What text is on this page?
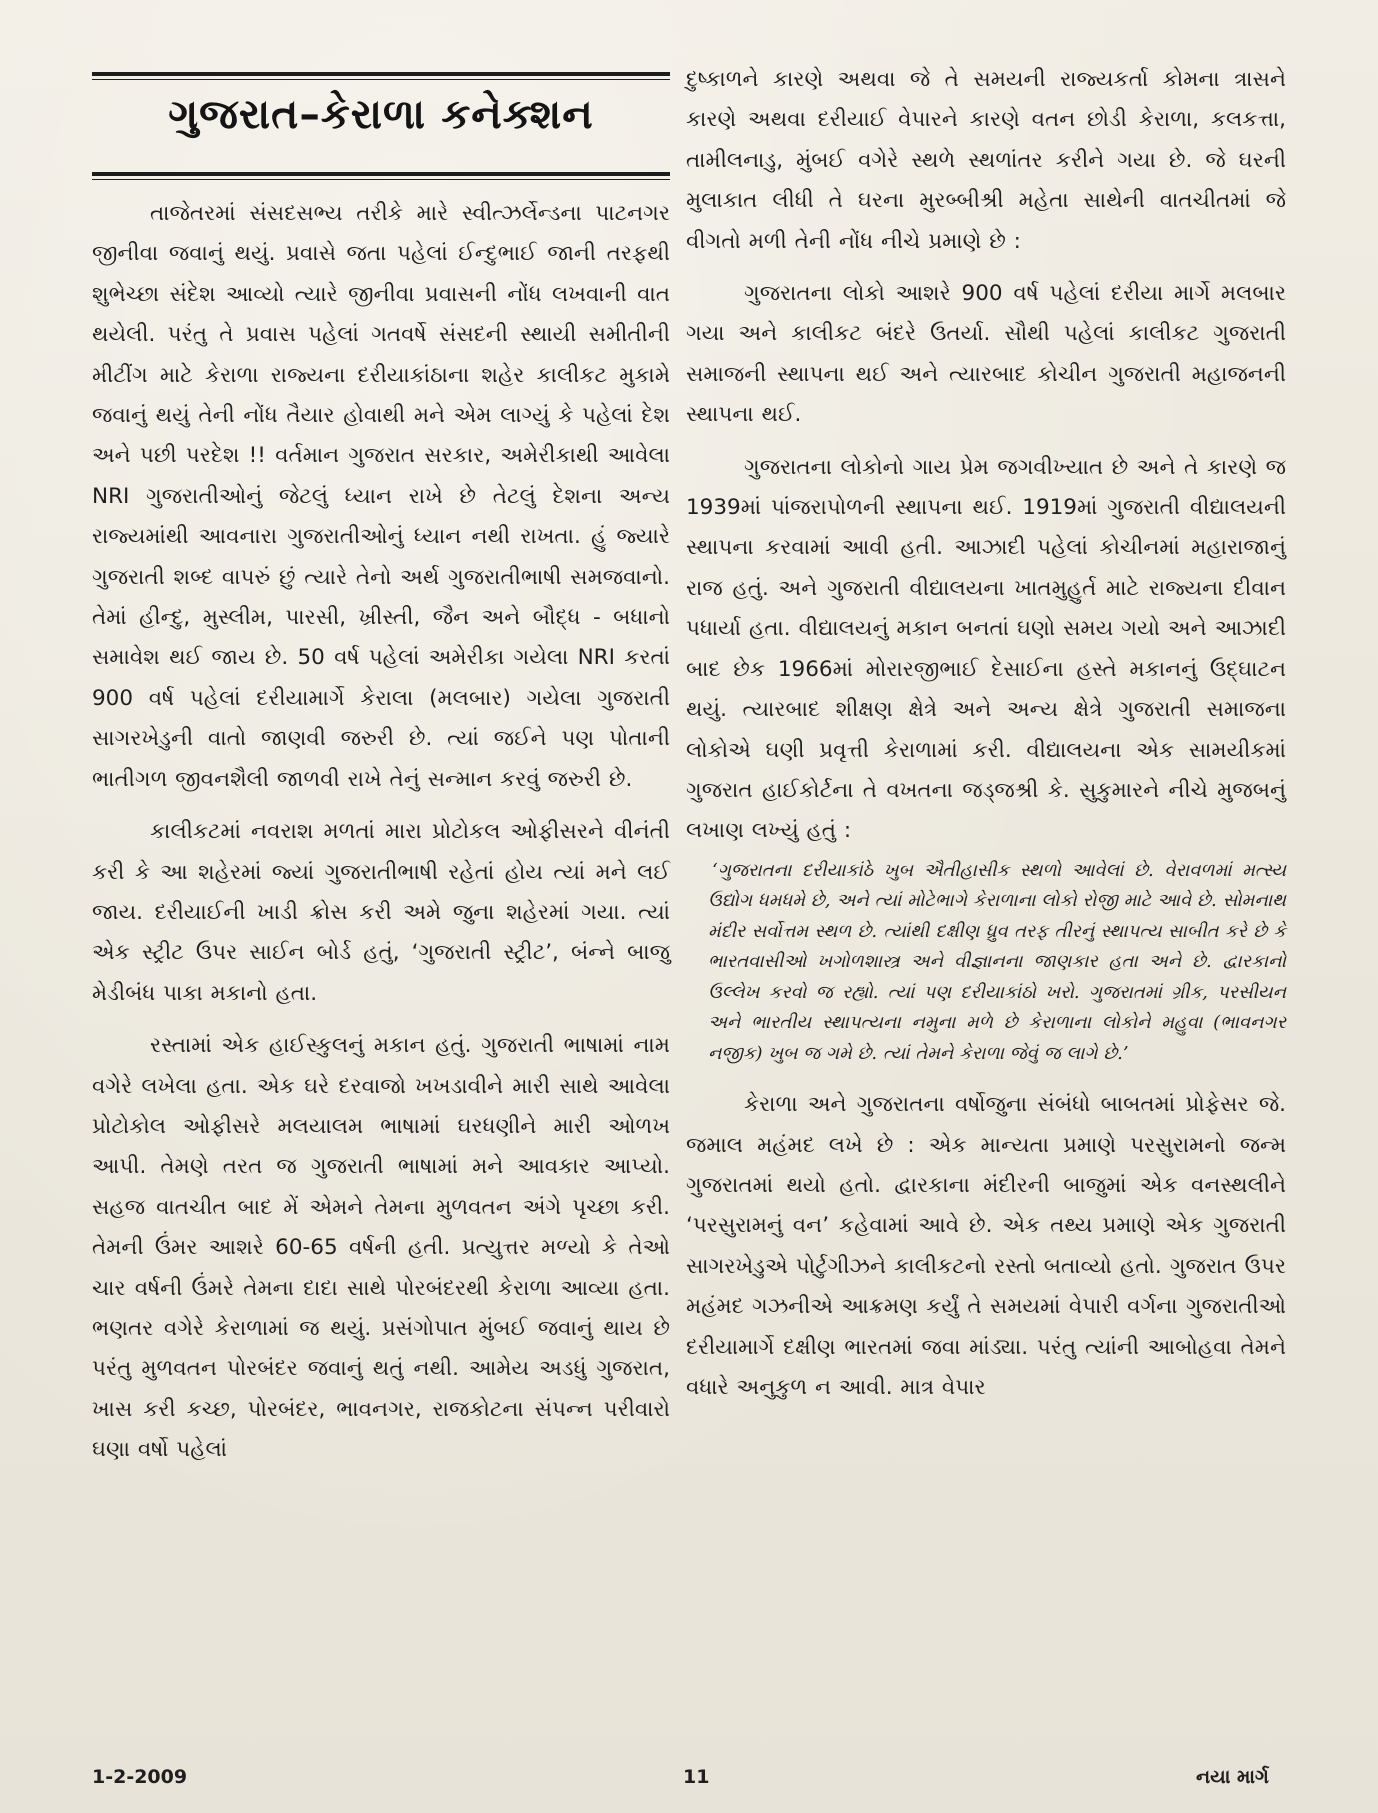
ગુજરાત–કેરાળા કનેક્શન

તાજેતરમાં સંસદસભ્ય તરીકે મારે સ્વીત્ઝર્લેન્ડના પાટનગર જીનીવા જવાનું થયું. પ્રવાસે જતા પહેલાં ઈન્દુભાઈ જાની તરફથી શુભેચ્છા સંદેશ આવ્યો ત્યારે જીનીવા પ્રવાસની નોંધ લખવાની વાત થયેલી. પરંતુ તે પ્રવાસ પહેલાં ગતવર્ષે સંસદની સ્થાયી સમીતીની મીટીંગ માટે કેરાળા રાજ્યના દરીયાકાંઠાના શહેર કાલીકટ મુકામે જવાનું થયું તેની નોંધ તૈયાર હોવાથી મને એમ લાગ્યું કે પહેલાં દેશ અને પછી પરદેશ !! વર્તમાન ગુજરાત સરકાર, અમેરીકાથી આવેલા NRI ગુજરાતીઓનું જેટલું ધ્યાન રાખે છે તેટલું દેશના અન્ય રાજ્યમાંથી આવનારા ગુજરાતીઓનું ધ્યાન નથી રાખતા. હું જ્યારે ગુજરાતી શબ્દ વાપરું છું ત્યારે તેનો અર્થ ગુજરાતીભાષી સમજવાનો. તેમાં હીન્દુ, મુસ્લીમ, પારસી, ખ્રીસ્તી, જૈન અને બૌદ્ધ - બધાનો સમાવેશ થઈ જાય છે. 50 વર્ષ પહેલાં અમેરીકા ગયેલા NRI કરતાં 900 વર્ષ પહેલાં દરીયામાર્ગે કેરાલા (મલબાર) ગયેલા ગુજરાતી સાગરખેડુની વાતો જાણવી જરુરી છે. ત્યાં જઈને પણ પોતાની ભાતીગળ જીવનશૈલી જાળવી રાખે તેનું સન્માન કરવું જરુરી છે.

કાલીકટમાં નવરાશ મળતાં મારા પ્રોટોકલ ઓફીસરને વીનંતી કરી કે આ શહેરમાં જ્યાં ગુજરાતીભાષી રહેતાં હોય ત્યાં મને લઈ જાય. દરીયાઈની ખાડી ક્રોસ કરી અમે જુના શહેરમાં ગયા. ત્યાં એક સ્ટ્રીટ ઉપર સાઈન બોર્ડ હતું, ‘ગુજરાતી સ્ટ્રીટ’, બંન્ને બાજુ મેડીબંધ પાકા મકાનો હતા.

રસ્તામાં એક હાઈસ્કુલનું મકાન હતું. ગુજરાતી ભાષામાં નામ વગેરે લખેલા હતા. એક ઘરે દરવાજો ખખડાવીને મારી સાથે આવેલા પ્રોટોકોલ ઓફીસરે મલયાલમ ભાષામાં ઘરધણીને મારી ઓળખ આપી. તેમણે તરત જ ગુજરાતી ભાષામાં મને આવકાર આપ્યો. સહજ વાતચીત બાદ મેં એમને તેમના મુળવતન અંગે પૃચ્છા કરી. તેમની ઉંમર આશરે 60-65 વર્ષની હતી. પ્રત્યુત્તર મળ્યો કે તેઓ ચાર વર્ષની ઉંમરે તેમના દાદા સાથે પોરબંદરથી કેરાળા આવ્યા હતા. ભણતર વગેરે કેરાળામાં જ થયું. પ્રસંગોપાત મુંબઈ જવાનું થાય છે પરંતુ મુળવતન પોરબંદર જવાનું થતું નથી. આમેય અડધું ગુજરાત, ખાસ કરી કચ્છ, પોરબંદર, ભાવનગર, રાજકોટના સંપન્ન પરીવારો ઘણા વર્ષો પહેલાં

દુષ્કાળને કારણે અથવા જે તે સમયની રાજ્યકર્તા કોમના ત્રાસને કારણે અથવા દરીયાઈ વેપારને કારણે વતન છોડી કેરાળા, કલકત્તા, તામીલનાડુ, મુંબઈ વગેરે સ્થળે સ્થળાંતર કરીને ગયા છે. જે ઘરની મુલાકાત લીધી તે ઘરના મુરબ્બીશ્રી મહેતા સાથેની વાતચીતમાં જે વીગતો મળી તેની નોંધ નીચે પ્રમાણે છે :

ગુજરાતના લોકો આશરે 900 વર્ષ પહેલાં દરીયા માર્ગે મલબાર ગયા અને કાલીકટ બંદરે ઉતર્યા. સૌથી પહેલાં કાલીકટ ગુજરાતી સમાજની સ્થાપના થઈ અને ત્યારબાદ કોચીન ગુજરાતી મહાજનની સ્થાપના થઈ.

ગુજરાતના લોકોનો ગાય પ્રેમ જગવીખ્યાત છે અને તે કારણે જ 1939માં પાંજરાપોળની સ્થાપના થઈ. 1919માં ગુજરાતી વીદ્યાલયની સ્થાપના કરવામાં આવી હતી. આઝાદી પહેલાં કોચીનમાં મહારાજાનું રાજ હતું. અને ગુજરાતી વીદ્યાલયના ખાતમુહુર્ત માટે રાજ્યના દીવાન પધાર્યા હતા. વીદ્યાલયનું મકાન બનતાં ઘણો સમય ગયો અને આઝાદી બાદ છેક 1966માં મોરારજીભાઈ દેસાઈના હસ્તે મકાનનું ઉદ્‌ઘાટન થયું. ત્યારબાદ શીક્ષણ ક્ષેત્રે અને અન્ય ક્ષેત્રે ગુજરાતી સમાજના લોકોએ ઘણી પ્રવૃત્તી કેરાળામાં કરી. વીદ્યાલયના એક સામયીકમાં ગુજરાત હાઈકોર્ટના તે વખતના જડ્જશ્રી કે. સુકુમારને નીચે મુજબનું લખાણ લખ્યું હતું :

‘ગુજરાતના દરીયાકાંઠે ખુબ ઐતીહાસીક સ્થળો આવેલાં છે. વેરાવળમાં મત્સ્ય ઉદ્યોગ ધમધમે છે, અને ત્યાં મોટેભાગે કેરાળાના લોકો રોજી માટે આવે છે. સોમનાથ મંદીર સર્વોત્તમ સ્થળ છે. ત્યાંથી દક્ષીણ ધ્રુવ તરફ તીરનું સ્થાપત્ય સાબીત કરે છે કે ભારતવાસીઓ ખગોળશાસ્ત્ર અને વીજ્ઞાનના જાણકાર હતા અને છે. દ્વારકાનો ઉલ્લેખ કરવો જ રહ્યો. ત્યાં પણ દરીયાકાંઠો ખરો. ગુજરાતમાં ગ્રીક, પરસીયન અને ભારતીય સ્થાપત્યના નમુના મળે છે કેરાળાના લોકોને મહુવા (ભાવનગર નજીક) ખુબ જ ગમે છે. ત્યાં તેમને કેરાળા જેવું જ લાગે છે.’

કેરાળા અને ગુજરાતના વર્ષોજુના સંબંધો બાબતમાં પ્રોફેસર જે. જમાલ મહંમદ લખે છે : એક માન્યતા પ્રમાણે પરસુરામનો જન્મ ગુજરાતમાં થયો હતો. દ્વારકાના મંદીરની બાજુમાં એક વનસ્થલીને ‘પરસુરામનું વન’ કહેવામાં આવે છે. એક તથ્ય પ્રમાણે એક ગુજરાતી સાગરખેડુએ પોર્ટુગીઝને કાલીકટનો રસ્તો બતાવ્યો હતો. ગુજરાત ઉપર મહંમદ ગઝનીએ આક્રમણ કર્યું તે સમયમાં વેપારી વર્ગના ગુજરાતીઓ દરીયામાર્ગે દક્ષીણ ભારતમાં જવા માંડ્યા. પરંતુ ત્યાંની આબોહવા તેમને વધારે અનુકુળ ન આવી. માત્ર વેપાર

1-2-2009	11	નયા માર્ગ
